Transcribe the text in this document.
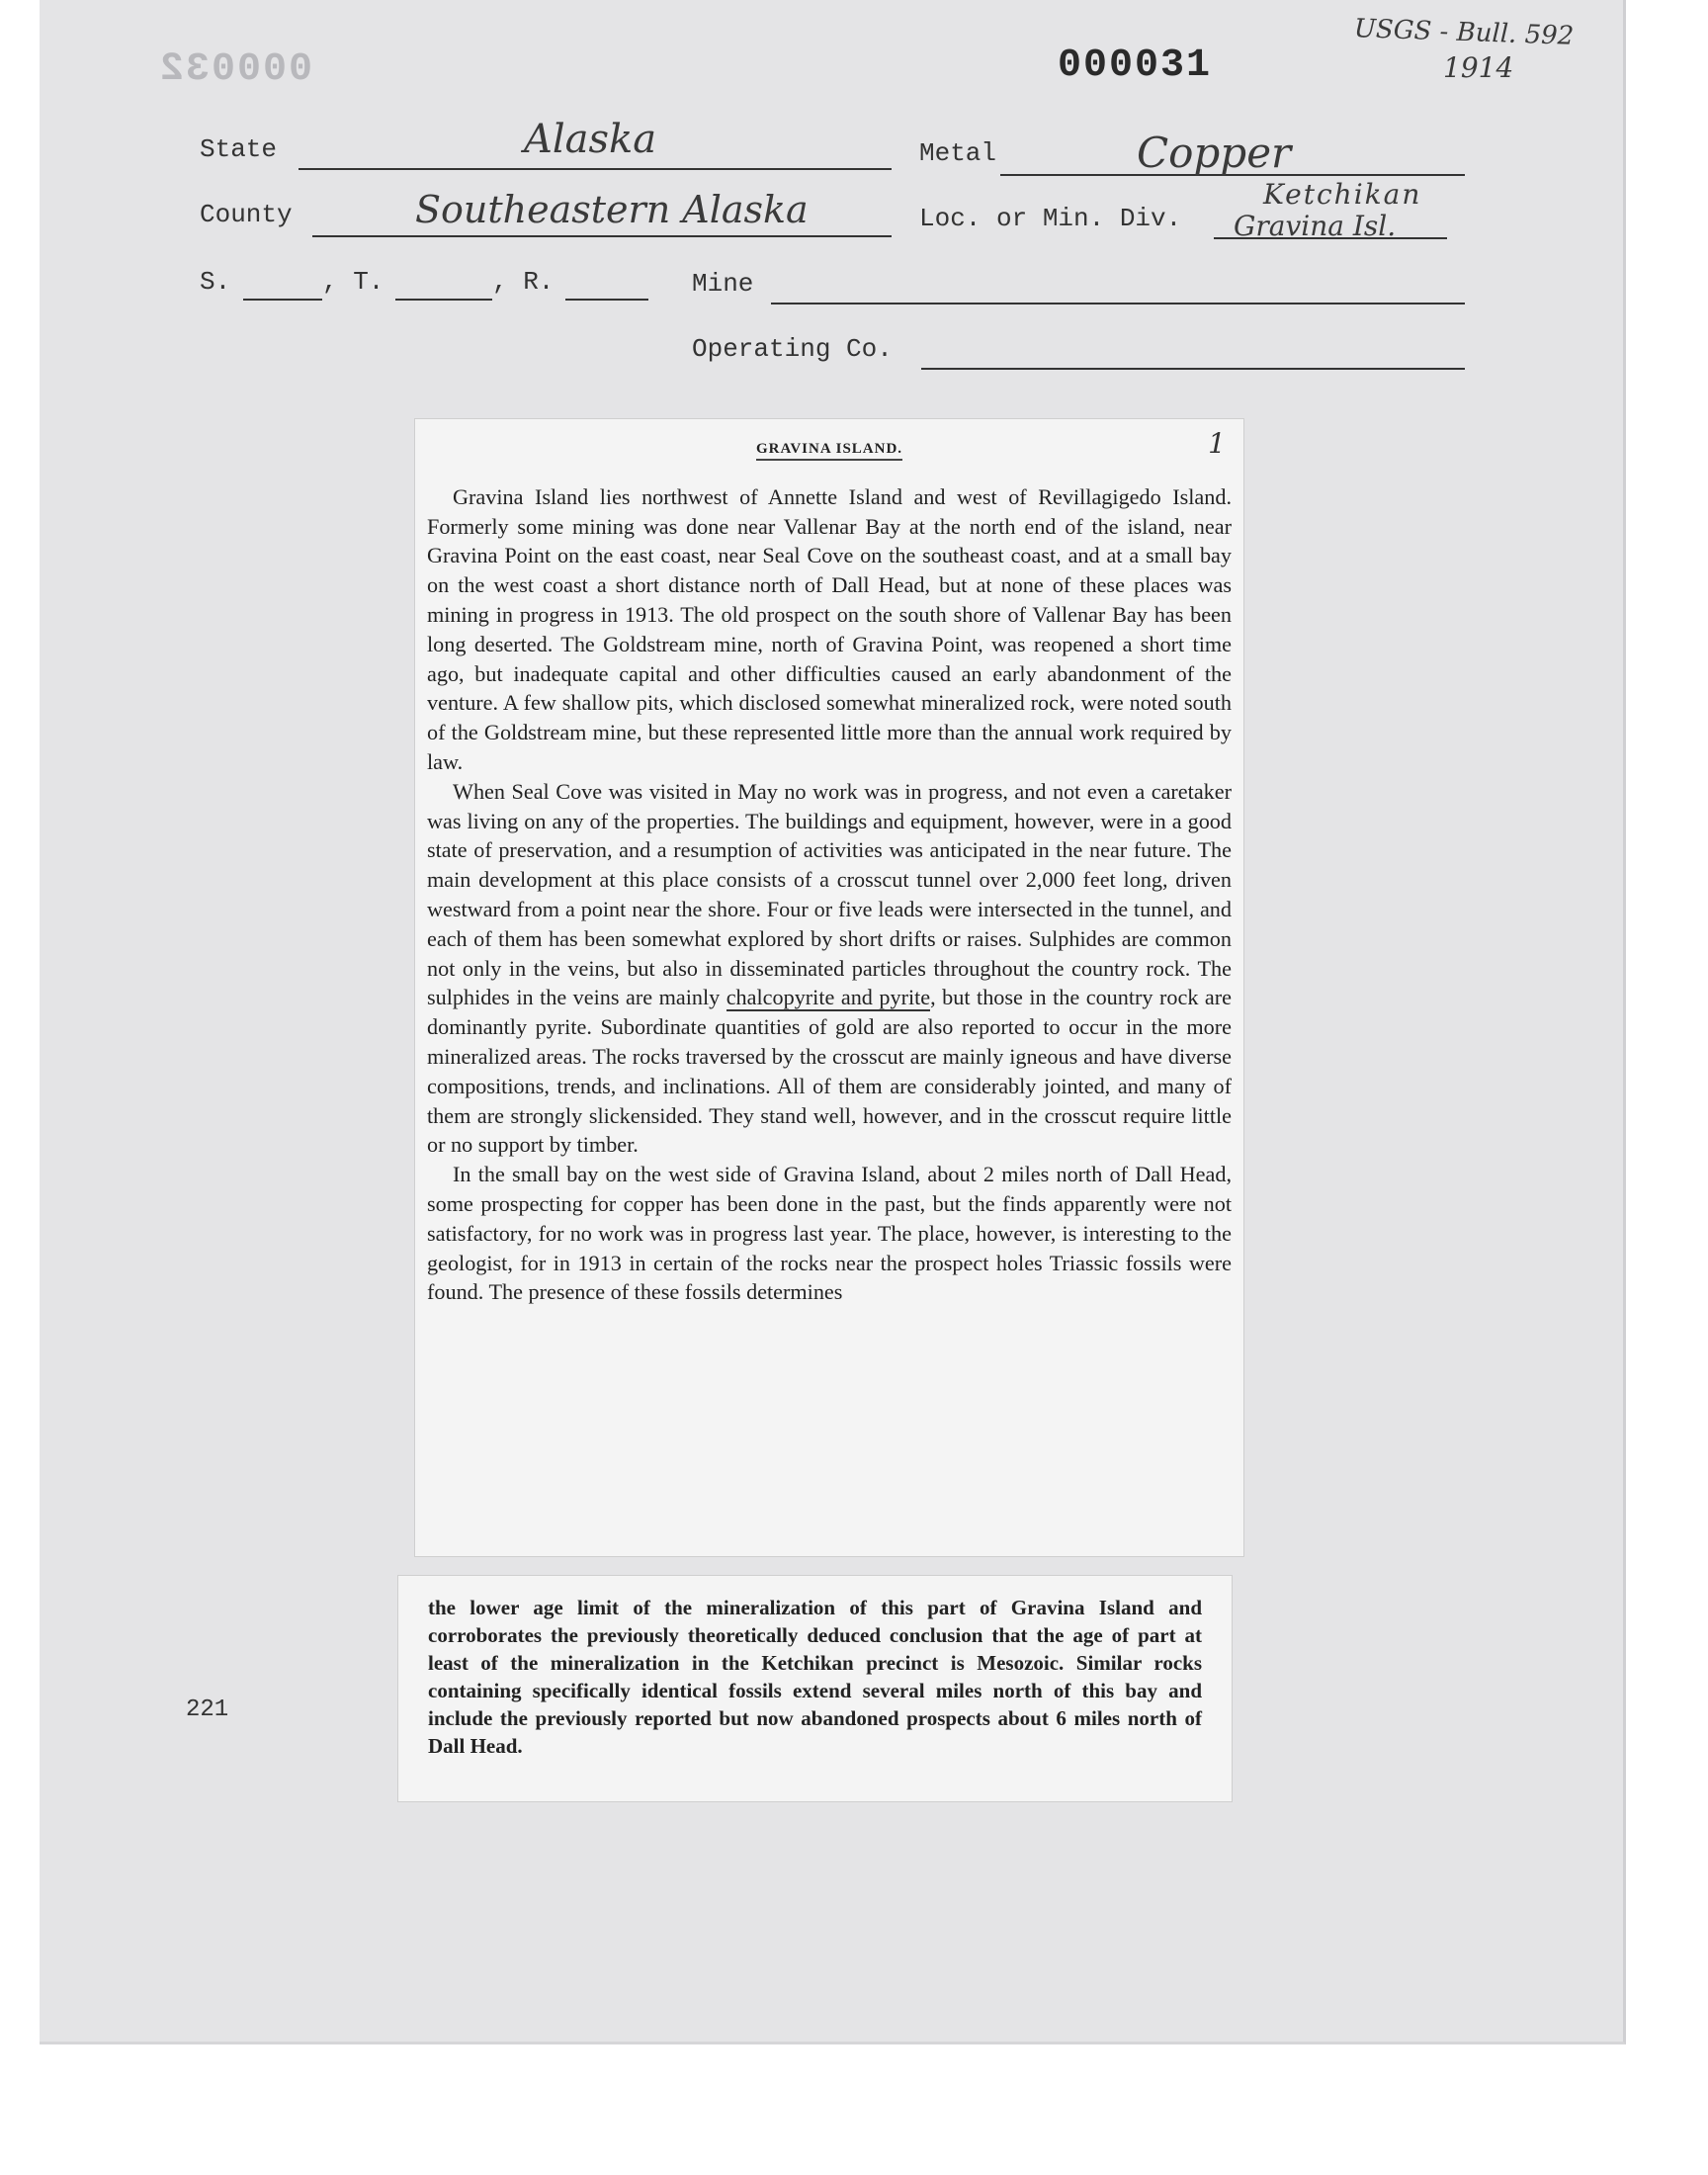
000032	000031
USGS - Bull. 592
1914
State	Alaska	Metal	Copper
County	Southeastern Alaska	Loc. or Min. Div.
Ketchikan
Gravina Isl.
S.	, T.	, R.	Mine
Operating Co.
221
1
GRAVINA ISLAND.

Gravina Island lies northwest of Annette Island and west of Revillagigedo Island. Formerly some mining was done near Vallenar Bay at the north end of the island, near Gravina Point on the east coast, near Seal Cove on the southeast coast, and at a small bay on the west coast a short distance north of Dall Head, but at none of these places was mining in progress in 1913. The old prospect on the south shore of Vallenar Bay has been long deserted. The Goldstream mine, north of Gravina Point, was reopened a short time ago, but inadequate capital and other difficulties caused an early abandonment of the venture. A few shallow pits, which disclosed somewhat mineralized rock, were noted south of the Goldstream mine, but these represented little more than the annual work required by law.

When Seal Cove was visited in May no work was in progress, and not even a caretaker was living on any of the properties. The buildings and equipment, however, were in a good state of preservation, and a resumption of activities was anticipated in the near future. The main development at this place consists of a crosscut tunnel over 2,000 feet long, driven westward from a point near the shore. Four or five leads were intersected in the tunnel, and each of them has been somewhat explored by short drifts or raises. Sulphides are common not only in the veins, but also in disseminated particles throughout the country rock. The sulphides in the veins are mainly chalcopyrite and pyrite, but those in the country rock are dominantly pyrite. Subordinate quantities of gold are also reported to occur in the more mineralized areas. The rocks traversed by the crosscut are mainly igneous and have diverse compositions, trends, and inclinations. All of them are considerably jointed, and many of them are strongly slickensided. They stand well, however, and in the crosscut require little or no support by timber.

In the small bay on the west side of Gravina Island, about 2 miles north of Dall Head, some prospecting for copper has been done in the past, but the finds apparently were not satisfactory, for no work was in progress last year. The place, however, is interesting to the geologist, for in 1913 in certain of the rocks near the prospect holes Triassic fossils were found. The presence of these fossils determines

the lower age limit of the mineralization of this part of Gravina Island and corroborates the previously theoretically deduced conclusion that the age of part at least of the mineralization in the Ketchikan precinct is Mesozoic. Similar rocks containing specifically identical fossils extend several miles north of this bay and include the previously reported but now abandoned prospects about 6 miles north of Dall Head.
